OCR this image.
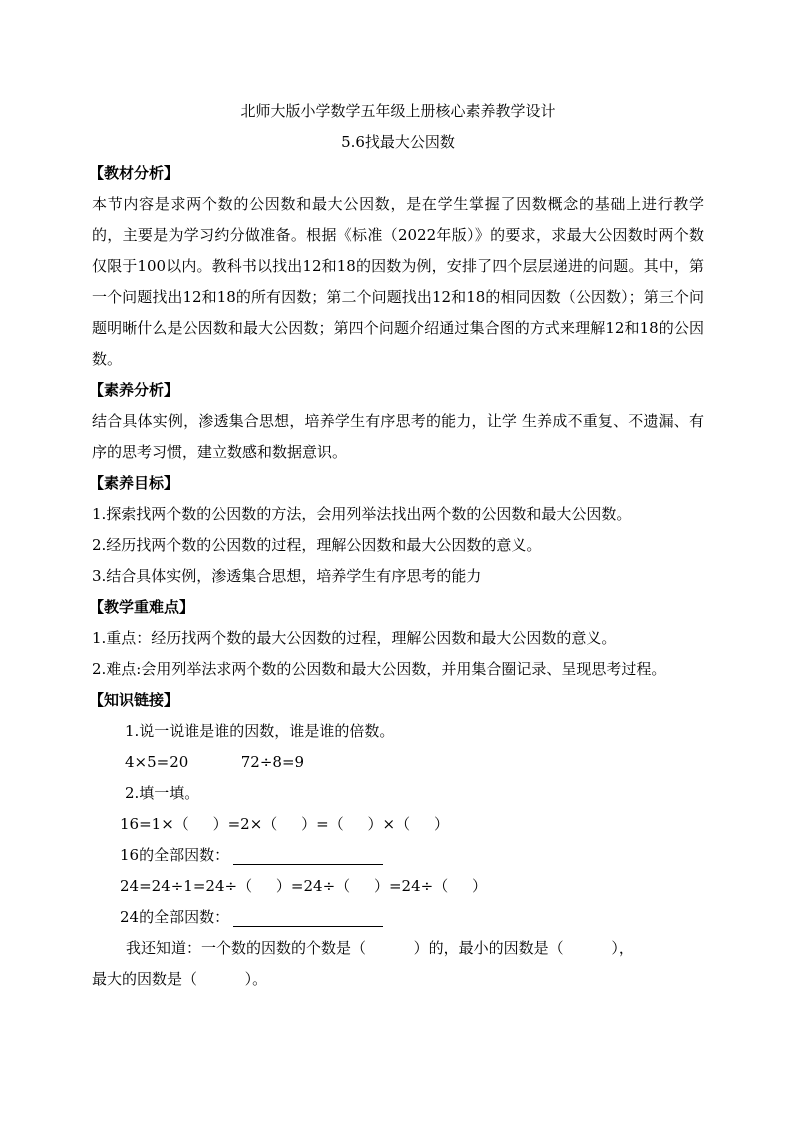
北师大版小学数学五年级上册核心素养教学设计
5.6找最大公因数
【教材分析】

本节内容是求两个数的公因数和最大公因数，是在学生掌握了因数概念的基础上进行教学的，主要是为学习约分做准备。根据《标准（2022年版）》的要求，求最大公因数时两个数仅限于100以内。教科书以找出12和18的因数为例，安排了四个层层递进的问题。其中，第一个问题找出12和18的所有因数；第二个问题找出12和18的相同因数（公因数）；第三个问题明晰什么是公因数和最大公因数；第四个问题介绍通过集合图的方式来理解12和18的公因数。

【素养分析】

结合具体实例，渗透集合思想，培养学生有序思考的能力，让学 生养成不重复、不遗漏、有序的思考习惯，建立数感和数据意识。

【素养目标】
1.探索找两个数的公因数的方法，会用列举法找出两个数的公因数和最大公因数。
2.经历找两个数的公因数的过程，理解公因数和最大公因数的意义。
3.结合具体实例，渗透集合思想，培养学生有序思考的能力
【教学重难点】
1.重点：经历找两个数的最大公因数的过程，理解公因数和最大公因数的意义。
2.难点:会用列举法求两个数的公因数和最大公因数，并用集合圈记录、呈现思考过程。
【知识链接】
1.说一说谁是谁的因数，谁是谁的倍数。
4×5=20           72÷8=9
2.填一填。
16=1×（     ）=2×（     ）=（     ）×（     ）
16的全部因数：
24=24÷1=24÷（     ）=24÷（     ）=24÷（     ）
24的全部因数：
我还知道：一个数的因数的个数是（          ）的，最小的因数是（          ），
最大的因数是（          ）。
